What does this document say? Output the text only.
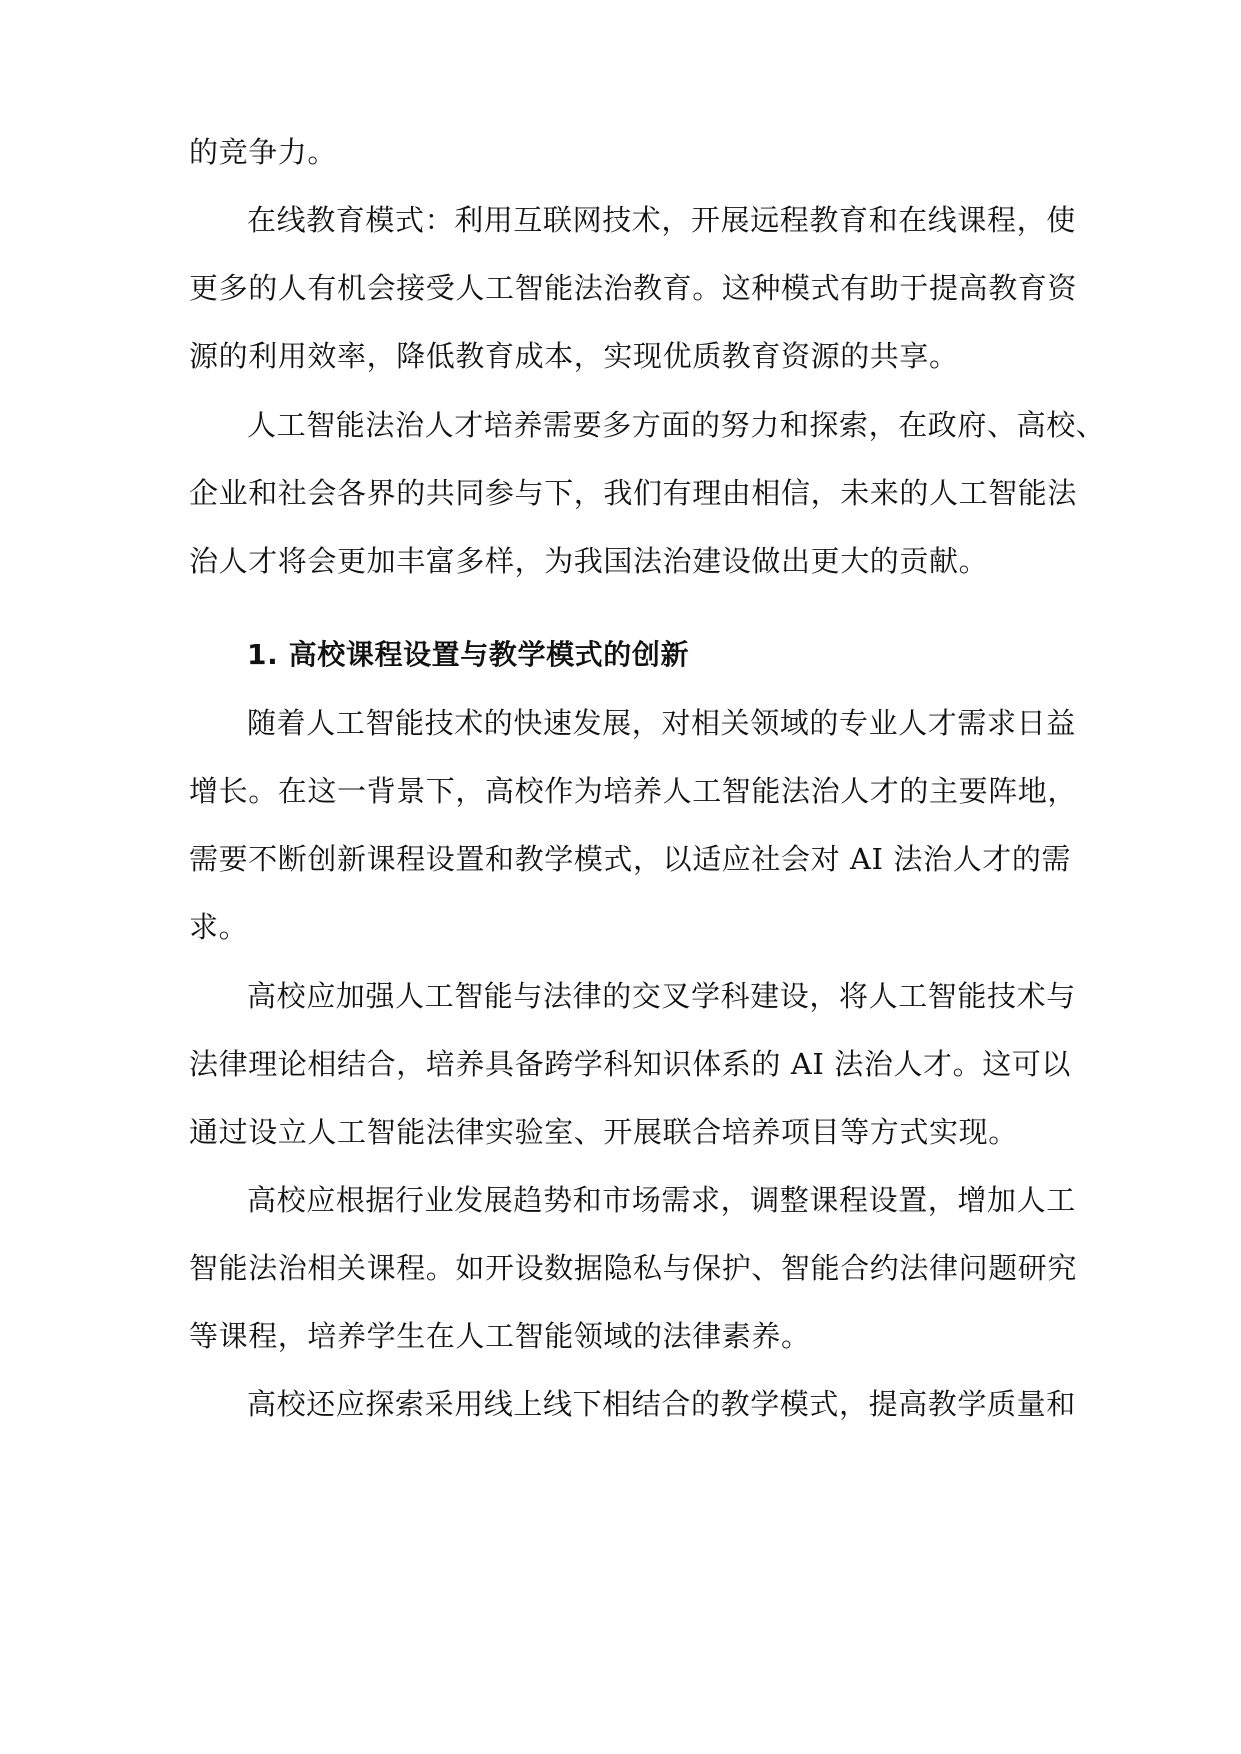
的竞争力。
在线教育模式：利用互联网技术，开展远程教育和在线课程，使
更多的人有机会接受人工智能法治教育。这种模式有助于提高教育资
源的利用效率，降低教育成本，实现优质教育资源的共享。
人工智能法治人才培养需要多方面的努力和探索，在政府、高校、
企业和社会各界的共同参与下，我们有理由相信，未来的人工智能法
治人才将会更加丰富多样，为我国法治建设做出更大的贡献。
1. 高校课程设置与教学模式的创新
随着人工智能技术的快速发展，对相关领域的专业人才需求日益
增长。在这一背景下，高校作为培养人工智能法治人才的主要阵地，
需要不断创新课程设置和教学模式，以适应社会对 AI 法治人才的需
求。
高校应加强人工智能与法律的交叉学科建设，将人工智能技术与
法律理论相结合，培养具备跨学科知识体系的 AI 法治人才。这可以
通过设立人工智能法律实验室、开展联合培养项目等方式实现。
高校应根据行业发展趋势和市场需求，调整课程设置，增加人工
智能法治相关课程。如开设数据隐私与保护、智能合约法律问题研究
等课程，培养学生在人工智能领域的法律素养。
高校还应探索采用线上线下相结合的教学模式，提高教学质量和
